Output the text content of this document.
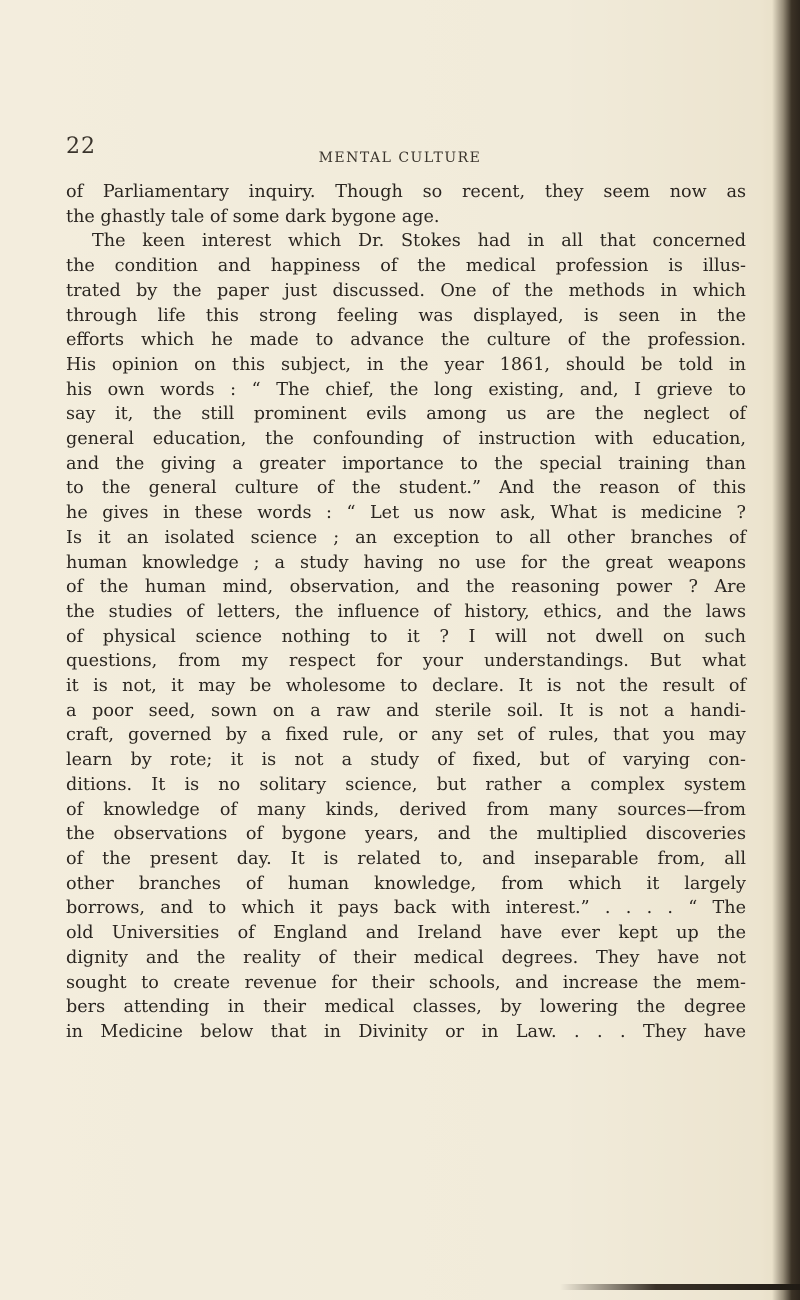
22	MENTAL CULTURE
of Parliamentary inquiry. Though so recent, they seem now as
the ghastly tale of some dark bygone age.
The keen interest which Dr. Stokes had in all that concerned
the condition and happiness of the medical profession is illus-
trated by the paper just discussed. One of the methods in which
through life this strong feeling was displayed, is seen in the
efforts which he made to advance the culture of the profession.
His opinion on this subject, in the year 1861, should be told in
his own words : “ The chief, the long existing, and, I grieve to
say it, the still prominent evils among us are the neglect of
general education, the confounding of instruction with education,
and the giving a greater importance to the special training than
to the general culture of the student.” And the reason of this
he gives in these words : “ Let us now ask, What is medicine ?
Is it an isolated science ; an exception to all other branches of
human knowledge ; a study having no use for the great weapons
of the human mind, observation, and the reasoning power ? Are
the studies of letters, the influence of history, ethics, and the laws
of physical science nothing to it ? I will not dwell on such
questions, from my respect for your understandings. But what
it is not, it may be wholesome to declare. It is not the result of
a poor seed, sown on a raw and sterile soil. It is not a handi-
craft, governed by a fixed rule, or any set of rules, that you may
learn by rote; it is not a study of fixed, but of varying con-
ditions. It is no solitary science, but rather a complex system
of knowledge of many kinds, derived from many sources—from
the observations of bygone years, and the multiplied discoveries
of the present day. It is related to, and inseparable from, all
other branches of human knowledge, from which it largely
borrows, and to which it pays back with interest.” . . . . “ The
old Universities of England and Ireland have ever kept up the
dignity and the reality of their medical degrees. They have not
sought to create revenue for their schools, and increase the mem-
bers attending in their medical classes, by lowering the degree
in Medicine below that in Divinity or in Law. . . . They have
